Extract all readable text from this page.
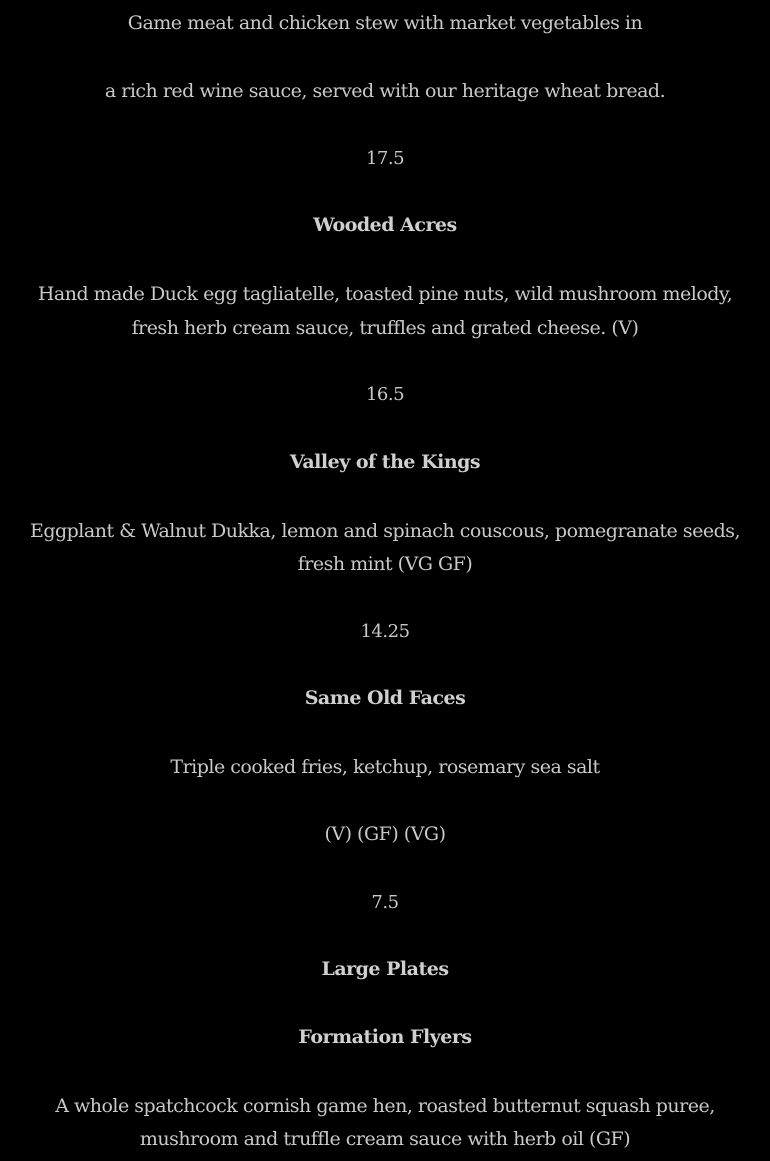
Game meat and chicken stew with market vegetables in
a rich red wine sauce, served with our heritage wheat bread.
17.5
Wooded Acres
Hand made Duck egg tagliatelle, toasted pine nuts, wild mushroom melody,
fresh herb cream sauce, truffles and grated cheese. (V)
16.5
Valley of the Kings
Eggplant & Walnut Dukka, lemon and spinach couscous, pomegranate seeds,
fresh mint (VG GF)
14.25
Same Old Faces
Triple cooked fries, ketchup, rosemary sea salt
(V) (GF) (VG)
7.5
Large Plates
Formation Flyers
A whole spatchcock cornish game hen, roasted butternut squash puree,
mushroom and truffle cream sauce with herb oil (GF)
